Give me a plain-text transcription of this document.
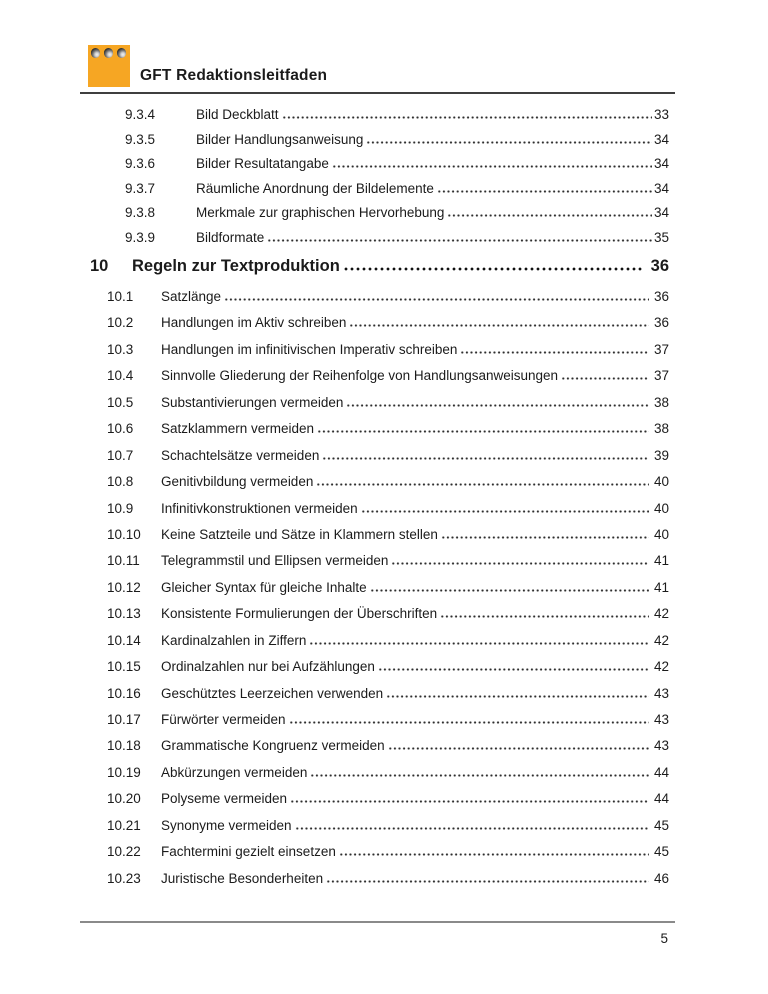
GFT Redaktionsleitfaden
9.3.4	Bild Deckblatt	33
9.3.5	Bilder Handlungsanweisung	34
9.3.6	Bilder Resultatangabe	34
9.3.7	Räumliche Anordnung der Bildelemente	34
9.3.8	Merkmale zur graphischen Hervorhebung	34
9.3.9	Bildformate	35
10	Regeln zur Textproduktion	36
10.1	Satzlänge	36
10.2	Handlungen im Aktiv schreiben	36
10.3	Handlungen im infinitivischen Imperativ schreiben	37
10.4	Sinnvolle Gliederung der Reihenfolge von Handlungsanweisungen	37
10.5	Substantivierungen vermeiden	38
10.6	Satzklammern vermeiden	38
10.7	Schachtelsätze vermeiden	39
10.8	Genitivbildung vermeiden	40
10.9	Infinitivkonstruktionen vermeiden	40
10.10	Keine Satzteile und Sätze in Klammern stellen	40
10.11	Telegrammstil und Ellipsen vermeiden	41
10.12	Gleicher Syntax für gleiche Inhalte	41
10.13	Konsistente Formulierungen der Überschriften	42
10.14	Kardinalzahlen in Ziffern	42
10.15	Ordinalzahlen nur bei Aufzählungen	42
10.16	Geschütztes Leerzeichen verwenden	43
10.17	Fürwörter vermeiden	43
10.18	Grammatische Kongruenz vermeiden	43
10.19	Abkürzungen vermeiden	44
10.20	Polyseme vermeiden	44
10.21	Synonyme vermeiden	45
10.22	Fachtermini gezielt einsetzen	45
10.23	Juristische Besonderheiten	46
5
